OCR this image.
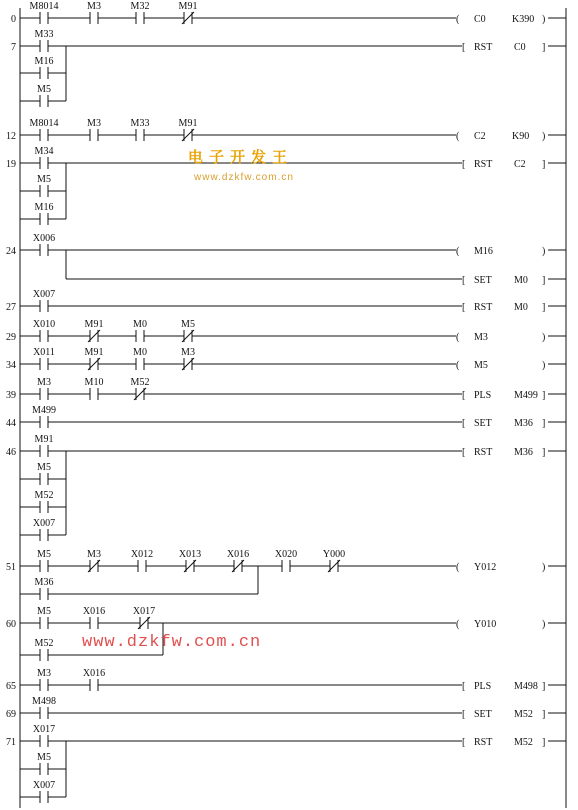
0
M8014	M3	M32	M91
( C0	K390 )
7
M33
M16
M5
[ RST C0 ]
12
M8014	M3	M33	M91
( C2	K90 )
19
M34
M5
M16
[ RST C2 ]
24
X006
( M16	)
[ SET M0 ]
27
X007
[ RST M0 ]
29
X010	M91	M0	M5
( M3	)
34
X011	M91	M0	M3
( M5	)
39
M3	M10	M52
[ PLS M499 ]
44
M499
[ SET M36 ]
46
M91
M5
M52
X007
[ RST M36 ]
51
M5	M3	X012	X013	X016	X020	Y000
M36
( Y012	)
60
M5	X016	X017
M52
( Y010	)
65
M3	X016
[ PLS M498 ]
69
M498
[ SET M52 ]
71
X017
M5
X007
[ RST M52 ]
电子开发王
www.dzkfw.com.cn
www.dzkfw.com.cn
